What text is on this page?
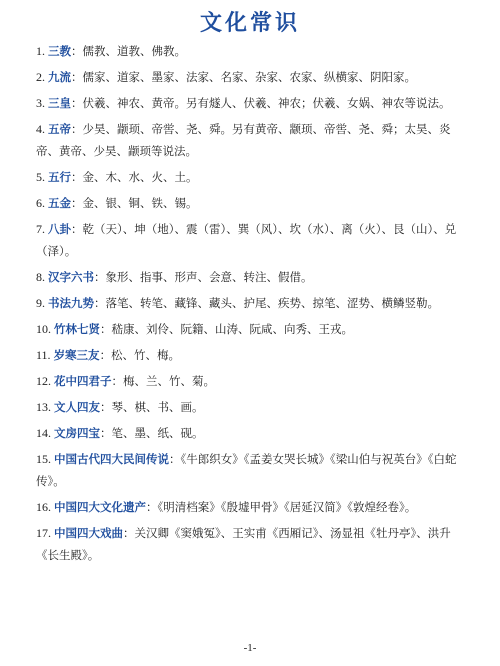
文化常识
1. 三教：儒教、道教、佛教。
2. 九流：儒家、道家、墨家、法家、名家、杂家、农家、纵横家、阴阳家。
3. 三皇：伏羲、神农、黄帝。另有燧人、伏羲、神农；伏羲、女娲、神农等说法。
4. 五帝：少昊、颛顼、帝喾、尧、舜。另有黄帝、颛顼、帝喾、尧、舜；太昊、炎帝、黄帝、少昊、颛顼等说法。
5. 五行：金、木、水、火、土。
6. 五金：金、银、铜、铁、锡。
7. 八卦：乾（天）、坤（地）、震（雷）、巽（风）、坎（水）、离（火）、艮（山）、兑（泽）。
8. 汉字六书：象形、指事、形声、会意、转注、假借。
9. 书法九势：落笔、转笔、藏锋、藏头、护尾、疾势、掠笔、涩势、横鳞竖勒。
10. 竹林七贤：嵇康、刘伶、阮籍、山涛、阮咸、向秀、王戎。
11. 岁寒三友：松、竹、梅。
12. 花中四君子：梅、兰、竹、菊。
13. 文人四友：琴、棋、书、画。
14. 文房四宝：笔、墨、纸、砚。
15. 中国古代四大民间传说：《牛郎织女》《孟姜女哭长城》《梁山伯与祝英台》《白蛇传》。
16. 中国四大文化遗产：《明清档案》《殷墟甲骨》《居延汉简》《敦煌经卷》。
17. 中国四大戏曲：关汉卿《窦娥冤》、王实甫《西厢记》、汤显祖《牡丹亭》、洪升《长生殿》。
-1-
